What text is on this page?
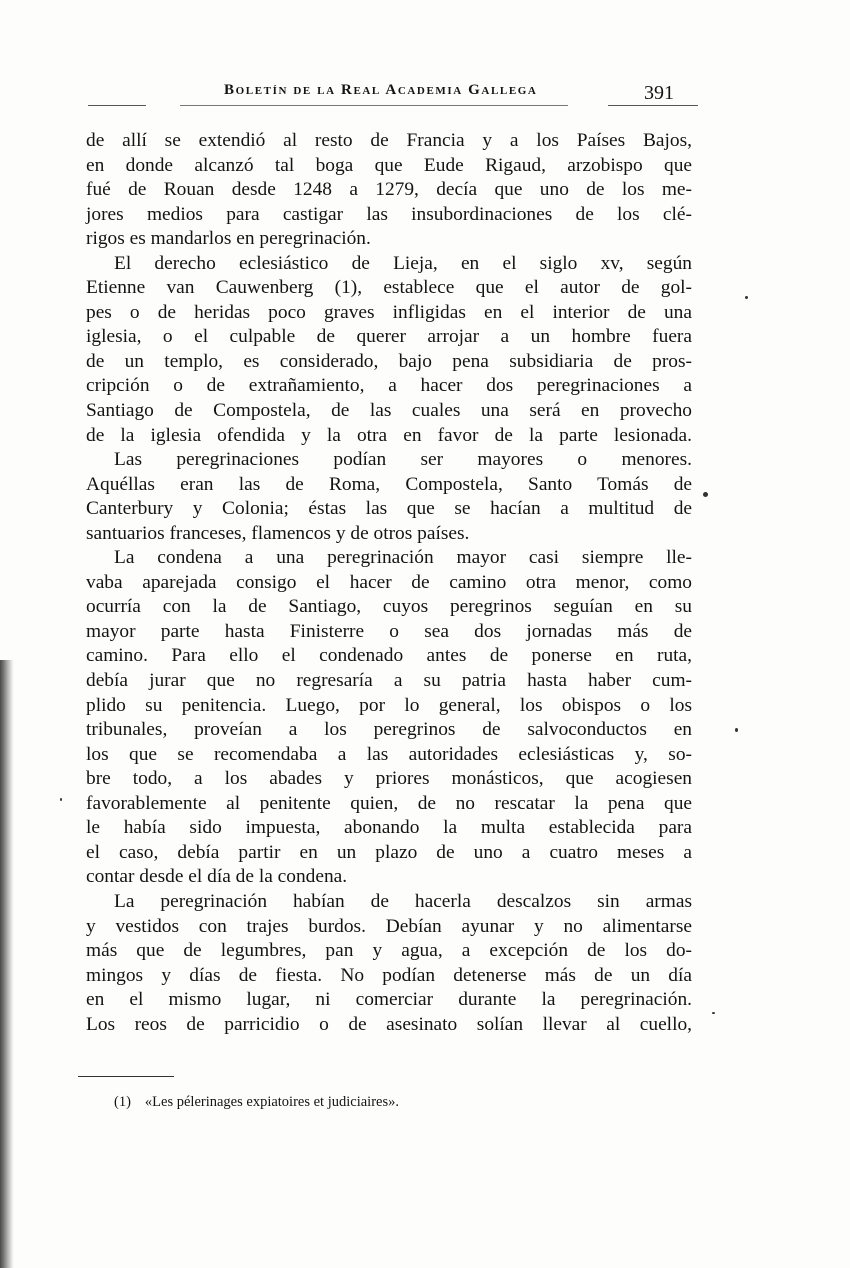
Boletín de la Real Academia Gallega	391
de allí se extendió al resto de Francia y a los Países Bajos,
en donde alcanzó tal boga que Eude Rigaud, arzobispo que
fué de Rouan desde 1248 a 1279, decía que uno de los me-
jores medios para castigar las insubordinaciones de los clé-
rigos es mandarlos en peregrinación.
El derecho eclesiástico de Lieja, en el siglo xv, según
Etienne van Cauwenberg (1), establece que el autor de gol-
pes o de heridas poco graves infligidas en el interior de una
iglesia, o el culpable de querer arrojar a un hombre fuera
de un templo, es considerado, bajo pena subsidiaria de pros-
cripción o de extrañamiento, a hacer dos peregrinaciones a
Santiago de Compostela, de las cuales una será en provecho
de la iglesia ofendida y la otra en favor de la parte lesionada.
Las peregrinaciones podían ser mayores o menores.
Aquéllas eran las de Roma, Compostela, Santo Tomás de
Canterbury y Colonia; éstas las que se hacían a multitud de
santuarios franceses, flamencos y de otros países.
La condena a una peregrinación mayor casi siempre lle-
vaba aparejada consigo el hacer de camino otra menor, como
ocurría con la de Santiago, cuyos peregrinos seguían en su
mayor parte hasta Finisterre o sea dos jornadas más de
camino. Para ello el condenado antes de ponerse en ruta,
debía jurar que no regresaría a su patria hasta haber cum-
plido su penitencia. Luego, por lo general, los obispos o los
tribunales, proveían a los peregrinos de salvoconductos en
los que se recomendaba a las autoridades eclesiásticas y, so-
bre todo, a los abades y priores monásticos, que acogiesen
favorablemente al penitente quien, de no rescatar la pena que
le había sido impuesta, abonando la multa establecida para
el caso, debía partir en un plazo de uno a cuatro meses a
contar desde el día de la condena.
La peregrinación habían de hacerla descalzos sin armas
y vestidos con trajes burdos. Debían ayunar y no alimentarse
más que de legumbres, pan y agua, a excepción de los do-
mingos y días de fiesta. No podían detenerse más de un día
en el mismo lugar, ni comerciar durante la peregrinación.
Los reos de parricidio o de asesinato solían llevar al cuello,
(1) «Les pélerinages expiatoires et judiciaires».
